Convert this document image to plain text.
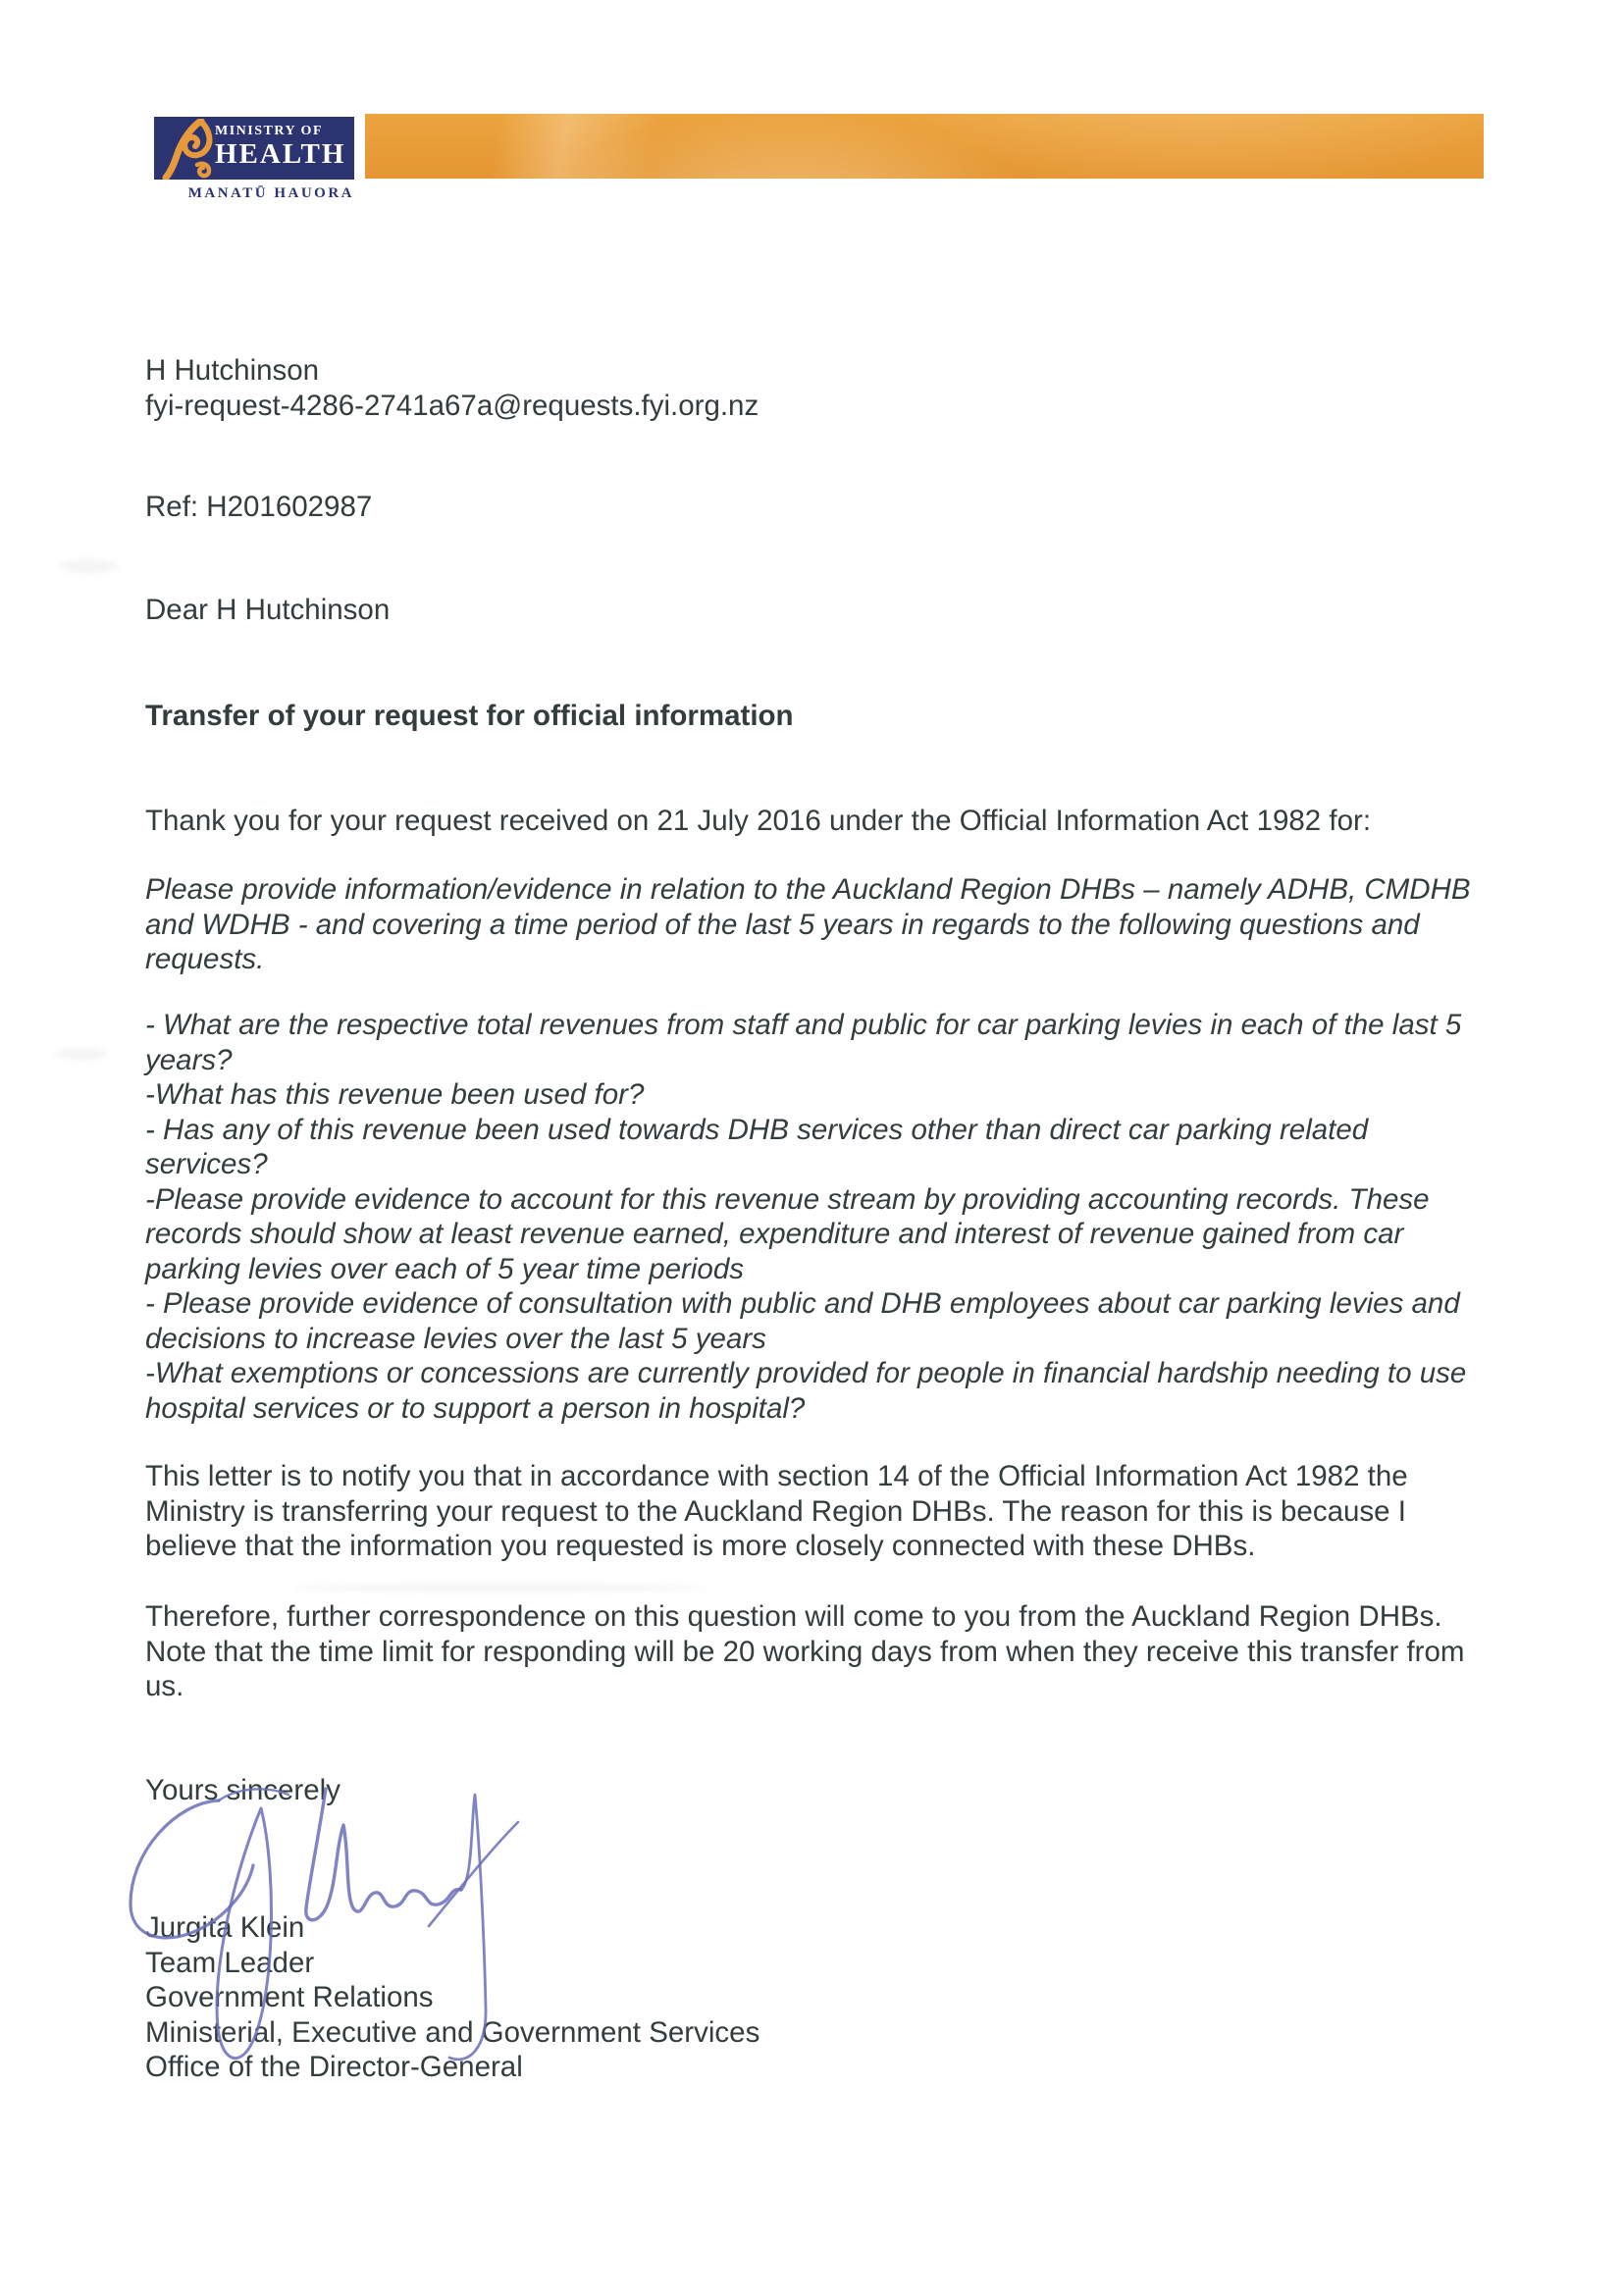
MINISTRY OF
HEALTH
MANATŪ HAUORA
H Hutchinson
fyi-request-4286-2741a67a@requests.fyi.org.nz
Ref: H201602987
Dear H Hutchinson
Transfer of your request for official information
Thank you for your request received on 21 July 2016 under the Official Information Act 1982 for:
Please provide information/evidence in relation to the Auckland Region DHBs – namely ADHB, CMDHB and WDHB - and covering a time period of the last 5 years in regards to the following questions and requests.
- What are the respective total revenues from staff and public for car parking levies in each of the last 5 years?
-What has this revenue been used for?
- Has any of this revenue been used towards DHB services other than direct car parking related services?
-Please provide evidence to account for this revenue stream by providing accounting records. These records should show at least revenue earned, expenditure and interest of revenue gained from car parking levies over each of 5 year time periods
- Please provide evidence of consultation with public and DHB employees about car parking levies and decisions to increase levies over the last 5 years
-What exemptions or concessions are currently provided for people in financial hardship needing to use hospital services or to support a person in hospital?
This letter is to notify you that in accordance with section 14 of the Official Information Act 1982 the Ministry is transferring your request to the Auckland Region DHBs. The reason for this is because I believe that the information you requested is more closely connected with these DHBs.
Therefore, further correspondence on this question will come to you from the Auckland Region DHBs. Note that the time limit for responding will be 20 working days from when they receive this transfer from us.
Yours sincerely
Jurgita Klein
Team Leader
Government Relations
Ministerial, Executive and Government Services
Office of the Director-General
